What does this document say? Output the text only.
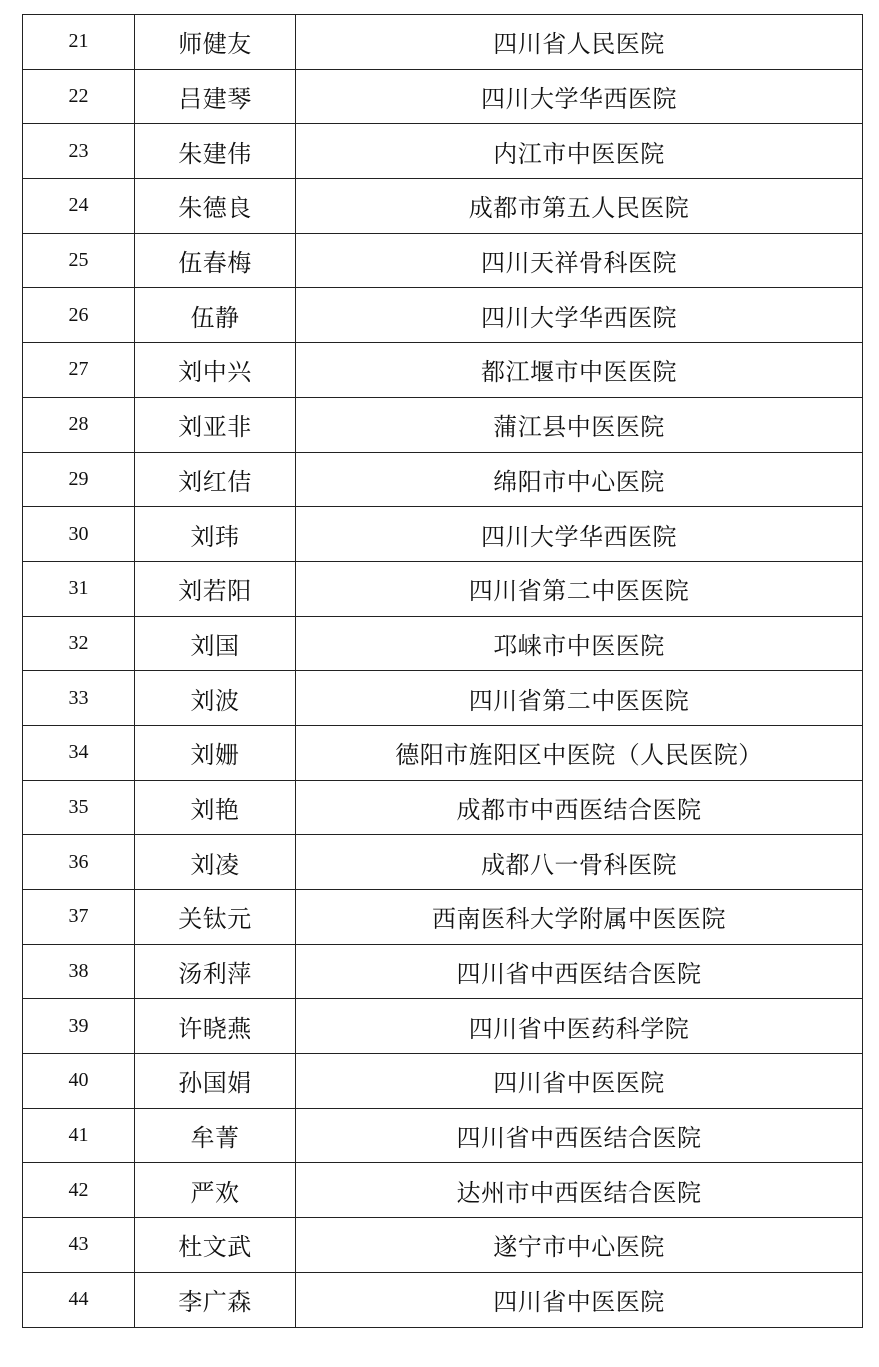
21	师健友	四川省人民医院
22	吕建琴	四川大学华西医院
23	朱建伟	内江市中医医院
24	朱德良	成都市第五人民医院
25	伍春梅	四川天祥骨科医院
26	伍静	四川大学华西医院
27	刘中兴	都江堰市中医医院
28	刘亚非	蒲江县中医医院
29	刘红佶	绵阳市中心医院
30	刘玮	四川大学华西医院
31	刘若阳	四川省第二中医医院
32	刘国	邛崃市中医医院
33	刘波	四川省第二中医医院
34	刘姗	德阳市旌阳区中医院（人民医院）
35	刘艳	成都市中西医结合医院
36	刘凌	成都八一骨科医院
37	关钛元	西南医科大学附属中医医院
38	汤利萍	四川省中西医结合医院
39	许晓燕	四川省中医药科学院
40	孙国娟	四川省中医医院
41	牟菁	四川省中西医结合医院
42	严欢	达州市中西医结合医院
43	杜文武	遂宁市中心医院
44	李广森	四川省中医医院
